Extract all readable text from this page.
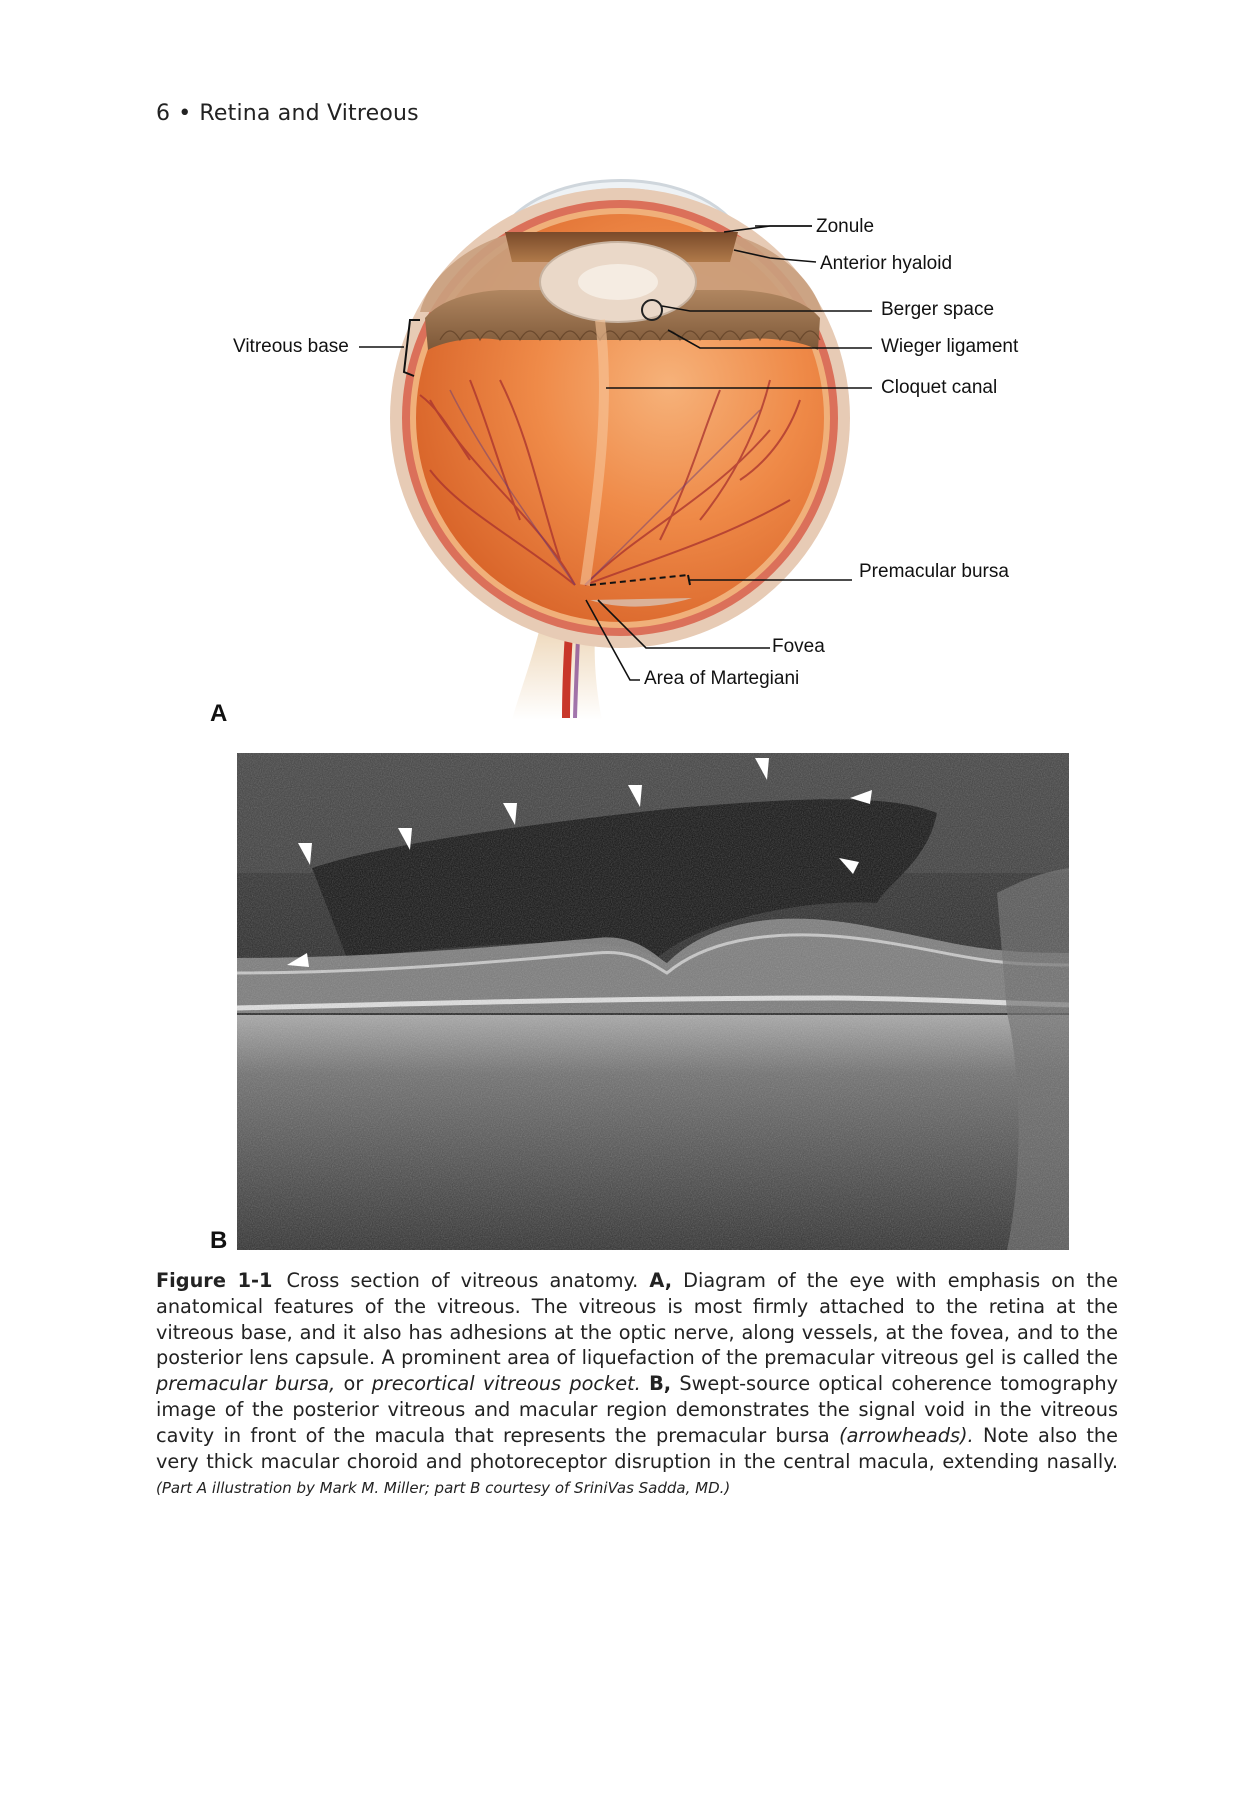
6 • Retina and Vitreous
Zonule
Anterior hyaloid
Berger space
Wieger ligament
Cloquet canal
Vitreous base
Premacular bursa
Fovea
Area of Martegiani
A
B
Figure 1-1 Cross section of vitreous anatomy. A, Diagram of the eye with emphasis on the anatomical features of the vitreous. The vitreous is most firmly attached to the retina at the vitreous base, and it also has adhesions at the optic nerve, along vessels, at the fovea, and to the posterior lens capsule. A prominent area of liquefaction of the premacular vitreous gel is called the premacular bursa, or precortical vitreous pocket. B, Swept-source optical coherence tomography image of the posterior vitreous and macular region demonstrates the signal void in the vitreous cavity in front of the macula that represents the premacular bursa (arrowheads). Note also the very thick macular choroid and photoreceptor disruption in the central macula, extending nasally. (Part A illustration by Mark M. Miller; part B courtesy of SriniVas Sadda, MD.)
